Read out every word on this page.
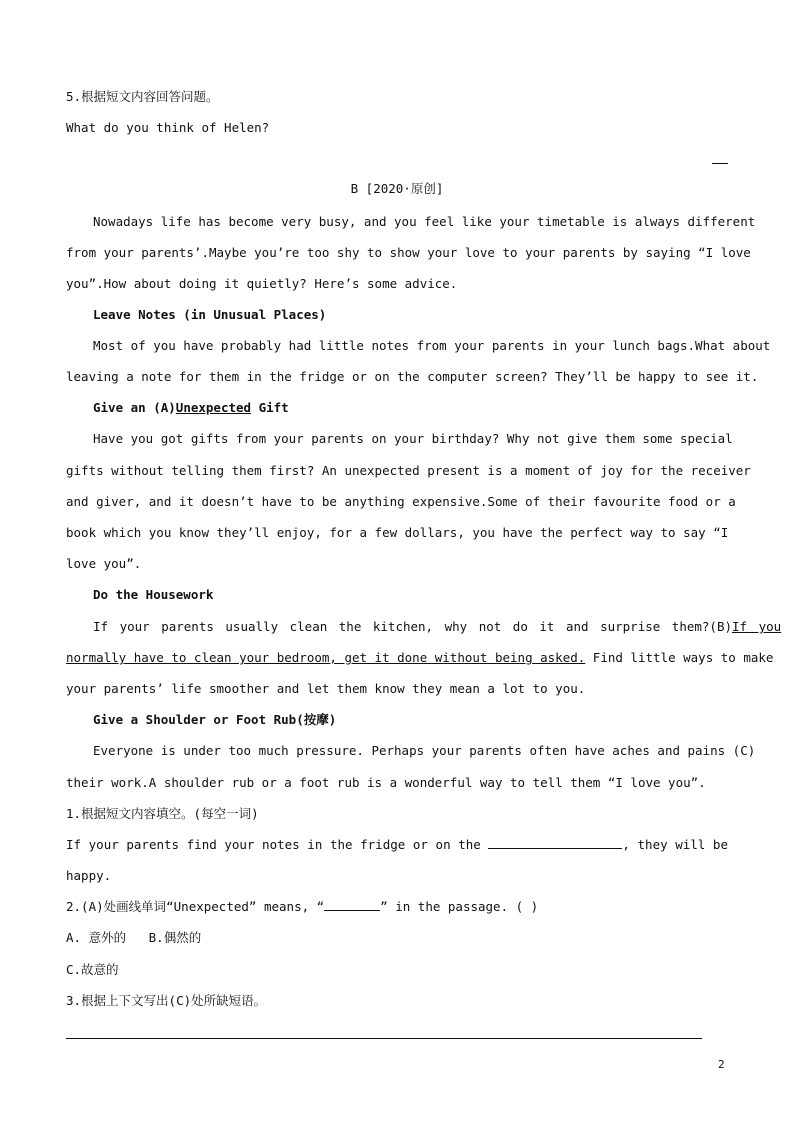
5.根据短文内容回答问题。
What do you think of Helen?
B [2020·原创]
Nowadays life has become very busy, and you feel like your timetable is always different
from your parents’.Maybe you’re too shy to show your love to your parents by saying “I love
you”.How about doing it quietly? Here’s some advice.
Leave Notes (in Unusual Places)
Most of you have probably had little notes from your parents in your lunch bags.What about
leaving a note for them in the fridge or on the computer screen? They’ll be happy to see it.
Give an (A)Unexpected Gift
Have you got gifts from your parents on your birthday? Why not give them some special
gifts without telling them first? An unexpected present is a moment of joy for the receiver
and giver, and it doesn’t have to be anything expensive.Some of their favourite food or a
book which you know they’ll enjoy, for a few dollars, you have the perfect way to say “I
love you”.
Do the Housework
If your parents usually clean the kitchen, why not do it and surprise them?(B)If you
normally have to clean your bedroom, get it done without being asked. Find little ways to make
your parents’ life smoother and let them know they mean a lot to you.
Give a Shoulder or Foot Rub(按摩)
Everyone is under too much pressure. Perhaps your parents often have aches and pains (C)
their work.A shoulder rub or a foot rub is a wonderful way to tell them “I love you”.
1.根据短文内容填空。(每空一词)
If your parents find your notes in the fridge or on the	, they will be
happy.
2.(A)处画线单词“Unexpected” means, “	” in the passage. ( )
A. 意外的 B.偶然的
C.故意的
3.根据上下文写出(C)处所缺短语。
2
